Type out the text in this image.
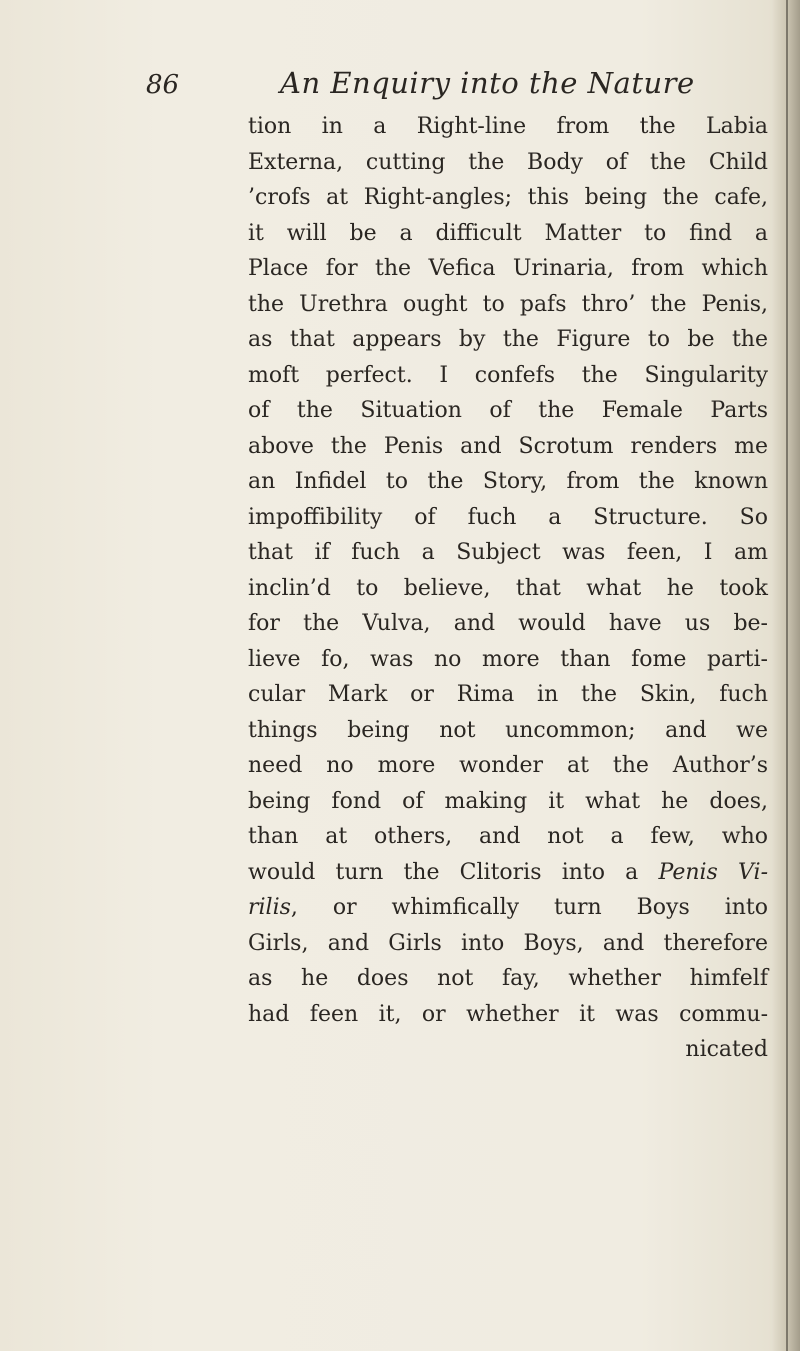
86	An Enquiry into the Nature

tion in a Right-line from the Labia
Externa, cutting the Body of the Child
’crofs at Right-angles; this being the cafe,
it will be a difficult Matter to find a
Place for the Vefica Urinaria, from which
the Urethra ought to pafs thro’ the Penis,
as that appears by the Figure to be the
moft perfect. I confefs the Singularity
of the Situation of the Female Parts
above the Penis and Scrotum renders me
an Infidel to the Story, from the known
impoffibility of fuch a Structure. So
that if fuch a Subject was feen, I am
inclin’d to believe, that what he took
for the Vulva, and would have us be-
lieve fo, was no more than fome parti-
cular Mark or Rima in the Skin, fuch
things being not uncommon; and we
need no more wonder at the Author’s
being fond of making it what he does,
than at others, and not a few, who
would turn the Clitoris into a Penis Vi-
rilis, or whimfically turn Boys into
Girls, and Girls into Boys, and therefore
as he does not fay, whether himfelf
had feen it, or whether it was commu-
nicated
